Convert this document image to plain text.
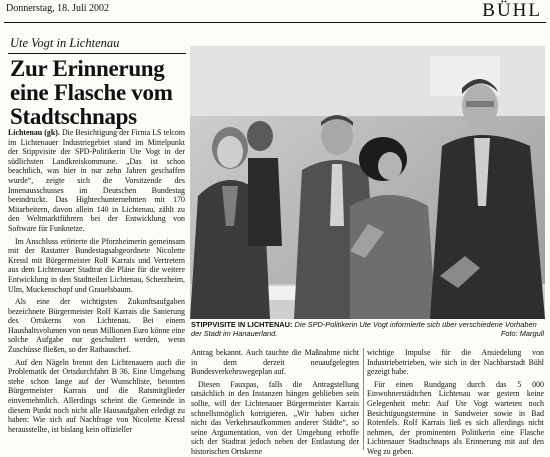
Donnerstag, 18. Juli 2002	BÜHL
Ute Vogt in Lichtenau
Zur Erinnerung eine Flasche vom Stadtschnaps

Lichtenau (gk). Die Besichtigung der Firma LS telcom im Lichtenauer Industriegebiet stand im Mittelpunkt der Stippvisite der SPD-Politikerin Ute Vogt in der südlichsten Landkreiskommune. „Das ist schon beachtlich, was hier in nur zehn Jahren geschaffen wurde“, zeigte sich die Vorsitzende des Innenausschusses im Deutschen Bundestag beeindruckt. Das Hightechunternehmen mit 170 Mitarbeitern, davon allein 140 in Lichtenau, zählt zu den Weltmarktführern bei der Entwicklung von Software für Funknetze.

Im Anschluss erörterte die Pforzheimerin gemeinsam mit der Rastatter Bundestagsabgeordnete Nicolette Kressl mit Bürgermeister Rolf Karrais und Vertretern aus dem Lichtenauer Stadtrat die Pläne für die weitere Entwicklung in den Stadtteilen Lichtenau, Scherzheim, Ulm, Muckenschopf und Grauelsbaum.

Als eine der wichtigsten Zukunftsaufgaben bezeichnete Bürgermeister Rolf Karrais die Sanierung des Ortskerns von Lichtenau. Bei einem Haushaltsvolumen von neun Millionen Euro könne eine solche Aufgabe nur geschultert werden, wenn Zuschüsse fließen, so der Rathauschef.

Auf den Nägeln brennt den Lichtenauern auch die Problematik der Ortsdurchfahrt B 36. Eine Umgehung stehe schon lange auf der Wunschliste, betonten Bürgermeister Karrais und die Ratsmitglieder einvernehmlich. Allerdings scheint die Gemeinde in diesem Punkt noch nicht alle Hausaufgaben erledigt zu haben: Wie sich auf Nachfrage von Nicolette Kressl herausstellte, ist bislang kein offizieller

STIPPVISITE IN LICHTENAU: Die SPD-Politikerin Ute Vogt informierte sich über verschiedene Vorhaben der Stadt im Hanauerland.	Foto: Margull

Antrag bekannt. Auch tauchte die Maßnahme nicht in dem derzeit neuaufgelegten Bundesverkehrswegeplan auf.

Diesen Fauxpas, falls die Antragstellung tatsächlich in den Instanzen hängen geblieben sein sollte, will der Lichtenauer Bürgermeister Karrais schnellstmöglich korrigieren. „Wir haben sicher nicht das Verkehrsaufkommen anderer Städte“, so seine Argumentation, von der Umgehung erhoffe sich der Stadtrat jedoch neben der Entlastung der historischen Ortskerne

wichtige Impulse für die Ansiedelung von Industriebetrieben, wie sich in der Nachbarstadt Bühl gezeigt habe.

Für einen Rundgang durch das 5 000 Einwohnerstädtchen Lichtenau war gestern keine Gelegenheit mehr: Auf Ute Vogt warteten noch Besichtigungstermine in Sandweier sowie in Bad Rotenfels. Rolf Karrais ließ es sich allerdings nicht nehmen, der prominenten Politikerin eine Flasche Lichtenauer Stadtschnaps als Erinnerung mit auf den Weg zu geben.
